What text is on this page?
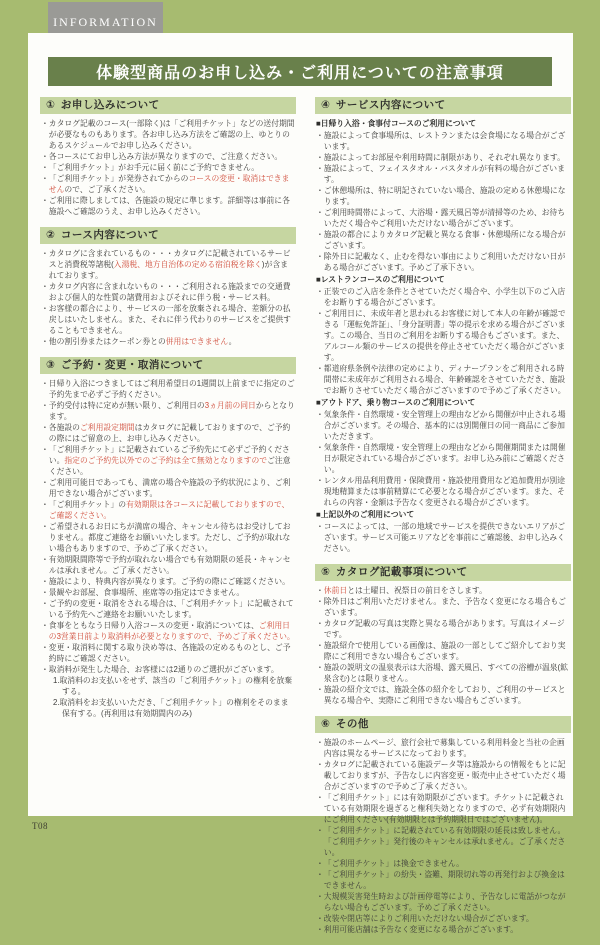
INFORMATION
体験型商品のお申し込み・ご利用についての注意事項
① お申し込みについて
・ カタログ記載のコース(一部除く)は「ご利用チケット」などの送付期間が必要なものもあります。各お申し込み方法をご確認の上、ゆとりのあるスケジュールでお申し込みください。
・ 各コースにてお申し込み方法が異なりますので、ご注意ください。
・ 「ご利用チケット」がお手元に届く前にご予約できません。
・ 「ご利用チケット」が発券されてからのコースの変更・取消はできませんので、ご了承ください。
・ ご利用に際しましては、各施設の規定に準じます。詳細等は事前に各施設へご確認のうえ、お申し込みください。
② コース内容について
・ カタログに含まれているもの・・・カタログに記載されているサービスと消費税等諸税(入湯税、地方自治体の定める宿泊税を除く)が含まれております。
・ カタログ内容に含まれないもの・・・ご利用される施設までの交通費および個人的な性質の諸費用およびそれに伴う税・サービス料。
・ お客様の都合により、サービスの一部を放棄される場合、差額分の払戻しはいたしません。また、それに伴う代わりのサービスをご提供することもできません。
・ 他の割引券またはクーポン券との併用はできません。
③ ご予約・変更・取消について
・ 日帰り入浴につきましてはご利用希望日の1週間以上前までに指定のご予約先まで必ずご予約ください。
・ 予約受付は特に定めが無い限り、ご利用日の3ヵ月前の同日からとなります。
・ 各施設のご利用設定期間はカタログに記載しておりますので、ご予約の際にはご留意の上、お申し込みください。
・ 「ご利用チケット」に記載されているご予約先にて必ずご予約ください。指定のご予約先以外でのご予約は全て無効となりますのでご注意ください。
・ ご利用可能日であっても、満席の場合や施設の予約状況により、ご利用できない場合がございます。
・ 「ご利用チケット」の有効期限は各コースに記載しておりますので、ご確認ください。
・ ご希望されるお日にちが満席の場合、キャンセル待ちはお受けしておりません。都度ご連絡をお願いいたします。ただし、ご予約が取れない場合もありますので、予めご了承ください。
・ 有効期限間際等で予約が取れない場合でも有効期限の延長・キャンセルは承れません。ご了承ください。
・ 施設により、特典内容が異なります。ご予約の際にご確認ください。
・ 景観やお部屋、食事場所、座席等の指定はできません。
・ ご予約の変更・取消をされる場合は、「ご利用チケット」に記載されている予約先へご連絡をお願いいたします。
・ 食事をともなう日帰り入浴コースの変更・取消については、ご利用日の3営業日前より取消料が必要となりますので、予めご了承ください。
・ 変更・取消料に関する取り決め等は、各施設の定めるものとし、ご予約時にご確認ください。
・ 取消料が発生した場合、お客様には2通りのご選択がございます。
1.取消料のお支払いをせず、該当の「ご利用チケット」の権利を放棄する。
2.取消料をお支払いいただき、「ご利用チケット」の権利をそのまま保有する。(再利用は有効期間内のみ)
④ サービス内容について
■日帰り入浴・食事付コースのご利用について
・ 施設によって食事場所は、レストランまたは会食場になる場合がございます。
・ 施設によってお部屋や利用時間に制限があり、それぞれ異なります。
・ 施設によって、フェイスタオル・バスタオルが有料の場合がございます。
・ ご休憩場所は、特に明記されていない場合、施設の定める休憩場になります。
・ ご利用時間帯によって、大浴場・露天風呂等が清掃等のため、お待ちいただく場合やご利用いただけない場合がございます。
・ 施設の都合によりカタログ記載と異なる食事・休憩場所になる場合がございます。
・ 除外日に記載なく、止むを得ない事由によりご利用いただけない日がある場合がございます。予めご了承下さい。
■レストランコースのご利用について
・ 正装でのご入店を条件とさせていただく場合や、小学生以下のご入店をお断りする場合がございます。
・ ご利用日に、未成年者と思われるお客様に対して本人の年齢が確認できる「運転免許証」、「身分証明書」等の提示を求める場合がございます。この場合、当日のご利用をお断りする場合もございます。また、アルコール類のサービスの提供を停止させていただく場合がございます。
・ 都道府県条例や法律の定めにより、ディナープランをご利用される時間帯に未成年がご利用される場合、年齢確認をさせていただき、施設でお断りさせていただく場合がございますので予めご了承ください。
■アウトドア、乗り物コースのご利用について
・ 気象条件・自然環境・安全管理上の理由などから開催が中止される場合がございます。その場合、基本的には別開催日の同一商品にご参加いただきます。
・ 気象条件・自然環境・安全管理上の理由などから開催期間または開催日が限定されている場合がございます。お申し込み前にご確認ください。
・ レンタル用品利用費用・保険費用・施設使用費用など追加費用が別途現地精算または事前精算にて必要となる場合がございます。また、それらの内容・金額は予告なく変更される場合がございます。
■上記以外のご利用について
・ コースによっては、一部の地域でサービスを提供できないエリアがございます。サービス可能エリアなどを事前にご確認後、お申し込みください。
⑤ カタログ記載事項について
・ 休前日とは土曜日、祝祭日の前日をさします。
・ 除外日はご利用いただけません。また、予告なく変更になる場合もございます。
・ カタログ記載の写真は実際と異なる場合があります。写真はイメージです。
・ 施設紹介で使用している画像は、施設の一部としてご紹介しており実際にご利用できない場合もございます。
・ 施設の説明文の温泉表示は大浴場、露天風呂、すべての浴槽が温泉(鉱泉含む)とは限りません。
・ 施設の紹介文では、施設全体の紹介をしており、ご利用のサービスと異なる場合や、実際にご利用できない場合もございます。
⑥ その他
・ 施設のホームページ、旅行会社で募集している利用料金と当社の企画内容は異なるサービスになっております。
・ カタログに記載されている施設データ等は施設からの情報をもとに記載しておりますが、予告なしに内容変更・販売中止させていただく場合がございますので予めご了承ください。
・ 「ご利用チケット」には有効期限がございます。チケットに記載されている有効期限を過ぎると権利失効となりますので、必ず有効期限内にご利用ください(有効期限とは予約期限日ではございません)。
・ 「ご利用チケット」に記載されている有効期限の延長は致しません。「ご利用チケット」発行後のキャンセルは承れません。ご了承ください。
・ 「ご利用チケット」は換金できません。
・ 「ご利用チケット」の紛失・盗難、期限切れ等の再発行および換金はできません。
・ 大規模災害発生時および計画停電等により、予告なしに電話がつながらない場合もございます。予めご了承ください。
・ 改装や閉店等によりご利用いただけない場合がございます。
・ 利用可能店舗は予告なく変更になる場合がございます。
T08
